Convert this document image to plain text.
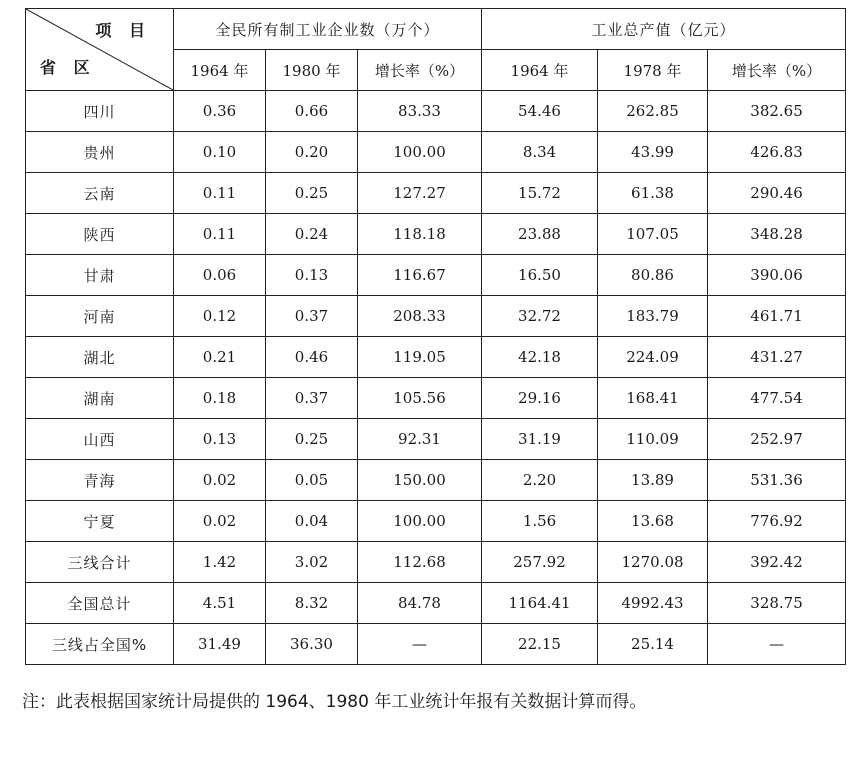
项 目
省 区	全民所有制工业企业数（万个）			工业总产值（亿元）		
	1964 年	1980 年	增长率（%）	1964 年	1978 年	增长率（%）
四川	0.36	0.66	83.33	54.46	262.85	382.65
贵州	0.10	0.20	100.00	8.34	43.99	426.83
云南	0.11	0.25	127.27	15.72	61.38	290.46
陕西	0.11	0.24	118.18	23.88	107.05	348.28
甘肃	0.06	0.13	116.67	16.50	80.86	390.06
河南	0.12	0.37	208.33	32.72	183.79	461.71
湖北	0.21	0.46	119.05	42.18	224.09	431.27
湖南	0.18	0.37	105.56	29.16	168.41	477.54
山西	0.13	0.25	92.31	31.19	110.09	252.97
青海	0.02	0.05	150.00	2.20	13.89	531.36
宁夏	0.02	0.04	100.00	1.56	13.68	776.92
三线合计	1.42	3.02	112.68	257.92	1270.08	392.42
全国总计	4.51	8.32	84.78	1164.41	4992.43	328.75
三线占全国%	31.49	36.30	—	22.15	25.14	—
注：此表根据国家统计局提供的 1964、1980 年工业统计年报有关数据计算而得。
